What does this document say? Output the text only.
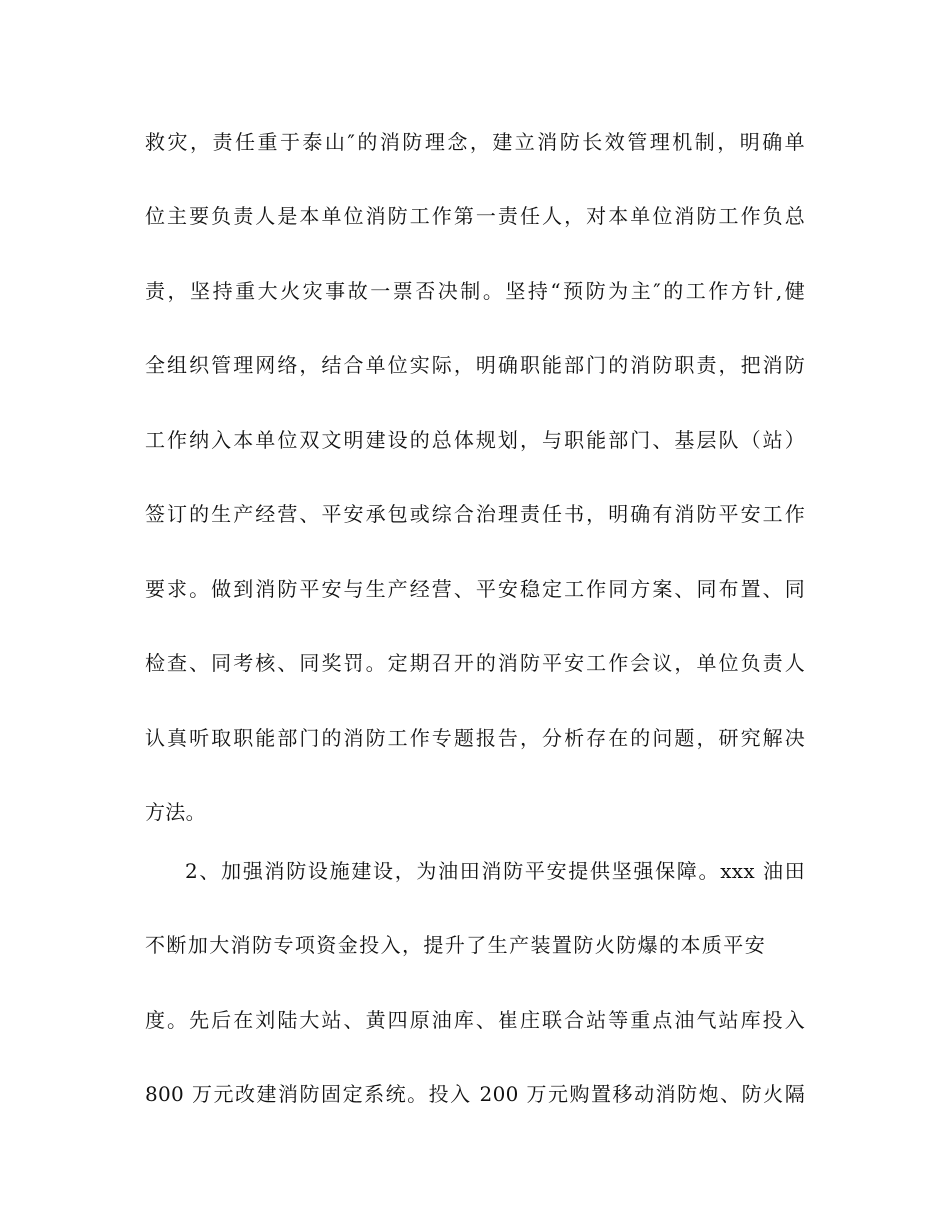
救灾，责任重于泰山″的消防理念，建立消防长效管理机制，明确单
位主要负责人是本单位消防工作第一责任人，对本单位消防工作负总
责，坚持重大火灾事故一票否决制。坚持“预防为主″的工作方针,健
全组织管理网络，结合单位实际，明确职能部门的消防职责，把消防
工作纳入本单位双文明建设的总体规划，与职能部门、基层队（站）
签订的生产经营、平安承包或综合治理责任书，明确有消防平安工作
要求。做到消防平安与生产经营、平安稳定工作同方案、同布置、同
检查、同考核、同奖罚。定期召开的消防平安工作会议，单位负责人
认真听取职能部门的消防工作专题报告，分析存在的问题，研究解决
方法。
2、加强消防设施建设，为油田消防平安提供坚强保障。xxx 油田
不断加大消防专项资金投入，提升了生产装置防火防爆的本质平安
度。先后在刘陆大站、黄四原油库、崔庄联合站等重点油气站库投入
800 万元改建消防固定系统。投入 200 万元购置移动消防炮、防火隔
